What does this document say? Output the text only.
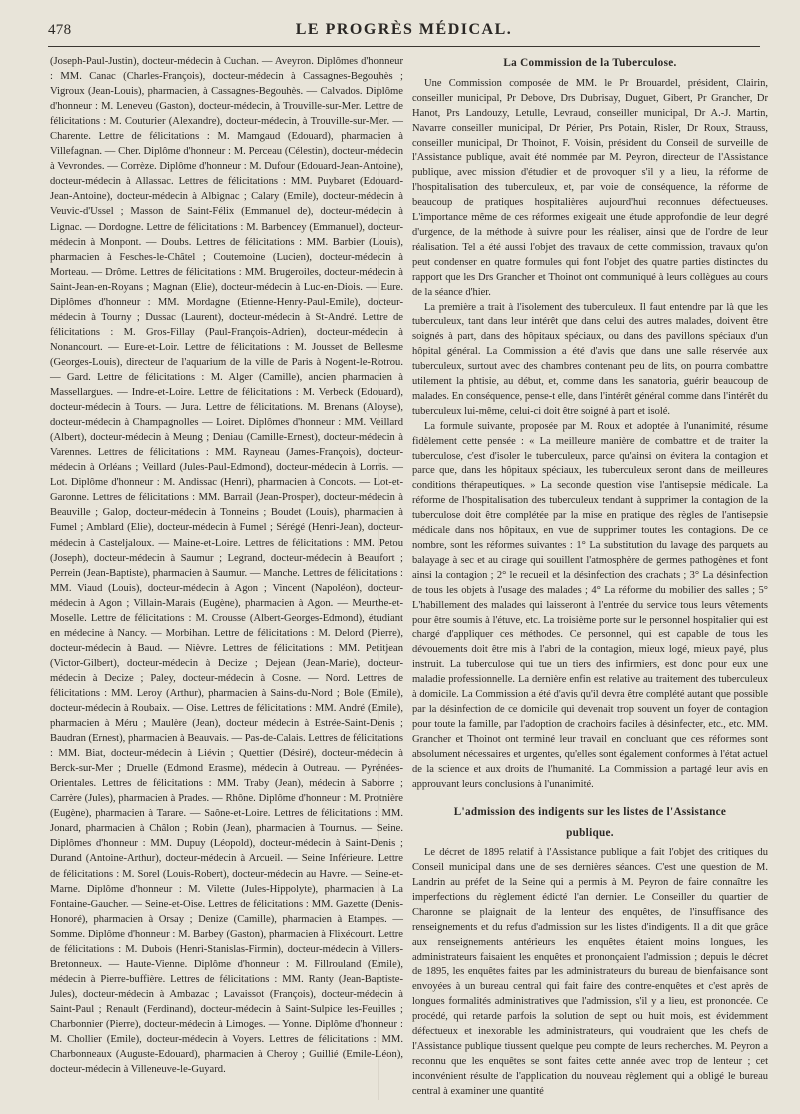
478	LE PROGRÈS MÉDICAL.

(Joseph-Paul-Justin), docteur-médecin à Cuchan. — Aveyron. Diplômes d'honneur : MM. Canac (Charles-François), docteur-médecin à Cassagnes-Begouhès ; Vigroux (Jean-Louis), pharmacien, à Cassagnes-Begouhès. — Calvados. Diplôme d'honneur : M. Leneveu (Gaston), docteur-médecin, à Trouville-sur-Mer. Lettre de félicitations : M. Couturier (Alexandre), docteur-médecin, à Trouville-sur-Mer. — Charente. Lettre de félicitations : M. Mamgaud (Edouard), pharmacien à Villefagnan. — Cher. Diplôme d'honneur : M. Perceau (Célestin), docteur-médecin à Vevrondes. — Corrèze. Diplôme d'honneur : M. Dufour (Edouard-Jean-Antoine), docteur-médecin à Allassac. Lettres de félicitations : MM. Puybaret (Edouard-Jean-Antoine), docteur-médecin à Albignac ; Calary (Emile), docteur-médecin à Veuvic-d'Ussel ; Masson de Saint-Félix (Emmanuel de), docteur-médecin à Lignac. — Dordogne. Lettre de félicitations : M. Barbencey (Emmanuel), docteur-médecin à Monpont. — Doubs. Lettres de félicitations : MM. Barbier (Louis), pharmacien à Fesches-le-Châtel ; Coutemoine (Lucien), docteur-médecin à Morteau. — Drôme. Lettres de félicitations : MM. Brugeroiles, docteur-médecin à Saint-Jean-en-Royans ; Magnan (Elie), docteur-médecin à Luc-en-Diois. — Eure. Diplômes d'honneur : MM. Mordagne (Etienne-Henry-Paul-Emile), docteur-médecin à Tourny ; Dussac (Laurent), docteur-médecin à St-André. Lettre de félicitations : M. Gros-Fillay (Paul-François-Adrien), docteur-médecin à Nonancourt. — Eure-et-Loir. Lettre de félicitations : M. Jousset de Bellesme (Georges-Louis), directeur de l'aquarium de la ville de Paris à Nogent-le-Rotrou. — Gard. Lettre de félicitations : M. Alger (Camille), ancien pharmacien à Massellargues. — Indre-et-Loire. Lettre de félicitations : M. Verbeck (Edouard), docteur-médecin à Tours. — Jura. Lettre de félicitations. M. Brenans (Aloyse), docteur-médecin à Champagnolles — Loiret. Diplômes d'honneur : MM. Veillard (Albert), docteur-médecin à Meung ; Deniau (Camille-Ernest), docteur-médecin à Varennes. Lettres de félicitations : MM. Rayneau (James-François), docteur-médecin à Orléans ; Veillard (Jules-Paul-Edmond), docteur-médecin à Lorris. — Lot. Diplôme d'honneur : M. Andissac (Henri), pharmacien à Concots. — Lot-et-Garonne. Lettres de félicitations : MM. Barrail (Jean-Prosper), docteur-médecin à Beauville ; Galop, docteur-médecin à Tonneins ; Boudet (Louis), pharmacien à Fumel ; Amblard (Elie), docteur-médecin à Fumel ; Sérégé (Henri-Jean), docteur-médecin à Casteljaloux. — Maine-et-Loire. Lettres de félicitations : MM. Petou (Joseph), docteur-médecin à Saumur ; Legrand, docteur-médecin à Beaufort ; Perrein (Jean-Baptiste), pharmacien à Saumur. — Manche. Lettres de félicitations : MM. Viaud (Louis), docteur-médecin à Agon ; Vincent (Napoléon), docteur-médecin à Agon ; Villain-Marais (Eugène), pharmacien à Agon. — Meurthe-et-Moselle. Lettre de félicitations : M. Crousse (Albert-Georges-Edmond), étudiant en médecine à Nancy. — Morbihan. Lettre de félicitations : M. Delord (Pierre), docteur-médecin à Baud. — Nièvre. Lettres de félicitations : MM. Petitjean (Victor-Gilbert), docteur-médecin à Decize ; Dejean (Jean-Marie), docteur-médecin à Decize ; Paley, docteur-médecin à Cosne. — Nord. Lettres de félicitations : MM. Leroy (Arthur), pharmacien à Sains-du-Nord ; Bole (Emile), docteur-médecin à Roubaix. — Oise. Lettres de félicitations : MM. André (Emile), pharmacien à Méru ; Maulère (Jean), docteur médecin à Estrée-Saint-Denis ; Baudran (Ernest), pharmacien à Beauvais. — Pas-de-Calais. Lettres de félicitations : MM. Biat, docteur-médecin à Liévin ; Quettier (Désiré), docteur-médecin à Berck-sur-Mer ; Druelle (Edmond Erasme), médecin à Outreau. — Pyrénées-Orientales. Lettres de félicitations : MM. Traby (Jean), médecin à Saborre ; Carrère (Jules), pharmacien à Prades. — Rhône. Diplôme d'honneur : M. Protnière (Eugène), pharmacien à Tarare. — Saône-et-Loire. Lettres de félicitations : MM. Jonard, pharmacien à Châlon ; Robin (Jean), pharmacien à Tournus. — Seine. Diplômes d'honneur : MM. Dupuy (Léopold), docteur-médecin à Saint-Denis ; Durand (Antoine-Arthur), docteur-médecin à Arcueil. — Seine Inférieure. Lettre de félicitations : M. Sorel (Louis-Robert), docteur-médecin au Havre. — Seine-et-Marne. Diplôme d'honneur : M. Vilette (Jules-Hippolyte), pharmacien à La Fontaine-Gaucher. — Seine-et-Oise. Lettres de félicitations : MM. Gazette (Denis-Honoré), pharmacien à Orsay ; Denize (Camille), pharmacien à Etampes. — Somme. Diplôme d'honneur : M. Barbey (Gaston), pharmacien à Flixécourt. Lettre de félicitations : M. Dubois (Henri-Stanislas-Firmin), docteur-médecin à Villers-Bretonneux. — Haute-Vienne. Diplôme d'honneur : M. Fillrouland (Emile), médecin à Pierre-buffière. Lettres de félicitations : MM. Ranty (Jean-Baptiste-Jules), docteur-médecin à Ambazac ; Lavaissot (François), docteur-médecin à Saint-Paul ; Renault (Ferdinand), docteur-médecin à Saint-Sulpice les-Feuilles ; Charbonnier (Pierre), docteur-médecin à Limoges. — Yonne. Diplôme d'honneur : M. Chollier (Emile), docteur-médecin à Voyers. Lettres de félicitations : MM. Charbonneaux (Auguste-Edouard), pharmacien à Cheroy ; Guillié (Emile-Léon), docteur-médecin à Villeneuve-le-Guyard.

La Commission de la Tuberculose.

Une Commission composée de MM. le Pr Brouardel, président, Clairin, conseiller municipal, Pr Debove, Drs Dubrisay, Duguet, Gibert, Pr Grancher, Dr Hanot, Prs Landouzy, Letulle, Levraud, conseiller municipal, Dr A.-J. Martin, Navarre conseiller municipal, Dr Périer, Prs Potain, Risler, Dr Roux, Strauss, conseiller municipal, Dr Thoinot, F. Voisin, président du Conseil de surveille de l'Assistance publique, avait été nommée par M. Peyron, directeur de l'Assistance publique, avec mission d'étudier et de provoquer s'il y a lieu, la réforme de l'hospitalisation des tuberculeux, et, par voie de conséquence, la réforme de beaucoup de pratiques hospitalières aujourd'hui reconnues défectueuses. L'importance même de ces réformes exigeait une étude approfondie de leur degré d'urgence, de la méthode à suivre pour les réaliser, ainsi que de l'ordre de leur réalisation. Tel a été aussi l'objet des travaux de cette commission, travaux qu'on peut condenser en quatre formules qui font l'objet des quatre parties distinctes du rapport que les Drs Grancher et Thoinot ont communiqué à leurs collègues au cours de la séance d'hier.

La première a trait à l'isolement des tuberculeux. Il faut entendre par là que les tuberculeux, tant dans leur intérêt que dans celui des autres malades, doivent être soignés à part, dans des hôpitaux spéciaux, ou dans des pavillons spéciaux d'un hôpital général. La Commission a été d'avis que dans une salle réservée aux tuberculeux, surtout avec des chambres contenant peu de lits, on pourra combattre utilement la phtisie, au début, et, comme dans les sanatoria, guérir beaucoup de malades. En conséquence, pense-t elle, dans l'intérêt général comme dans l'intérêt du tuberculeux lui-même, celui-ci doit être soigné à part et isolé.

La formule suivante, proposée par M. Roux et adoptée à l'unanimité, résume fidèlement cette pensée : « La meilleure manière de combattre et de traiter la tuberculose, c'est d'isoler le tuberculeux, parce qu'ainsi on évitera la contagion et parce que, dans les hôpitaux spéciaux, les tuberculeux seront dans de meilleures conditions thérapeutiques. » La seconde question vise l'antisepsie médicale. La réforme de l'hospitalisation des tuberculeux tendant à supprimer la contagion de la tuberculose doit être complétée par la mise en pratique des règles de l'antisepsie médicale dans nos hôpitaux, en vue de supprimer toutes les contagions. De ce nombre, sont les réformes suivantes : 1° La substitution du lavage des parquets au balayage à sec et au cirage qui souillent l'atmosphère de germes pathogènes et font ainsi la contagion ; 2° le recueil et la désinfection des crachats ; 3° La désinfection de tous les objets à l'usage des malades ; 4° La réforme du mobilier des salles ; 5° L'habillement des malades qui laisseront à l'entrée du service tous leurs vêtements pour être soumis à l'étuve, etc. La troisième porte sur le personnel hospitalier qui est chargé d'appliquer ces méthodes. Ce personnel, qui est capable de tous les dévouements doit être mis à l'abri de la contagion, mieux logé, mieux payé, plus instruit. La tuberculose qui tue un tiers des infirmiers, est donc pour eux une maladie professionnelle. La dernière enfin est relative au traitement des tuberculeux à domicile. La Commission a été d'avis qu'il devra être complété autant que possible par la désinfection de ce domicile qui devenait trop souvent un foyer de contagion pour toute la famille, par l'adoption de crachoirs faciles à désinfecter, etc., etc. MM. Grancher et Thoinot ont terminé leur travail en concluant que ces réformes sont absolument nécessaires et urgentes, qu'elles sont également conformes à l'état actuel de la science et aux droits de l'humanité. La Commission a partagé leur avis en approuvant leurs conclusions à l'unanimité.

L'admission des indigents sur les listes de l'Assistance
publique.

Le décret de 1895 relatif à l'Assistance publique a fait l'objet des critiques du Conseil municipal dans une de ses dernières séances. C'est une question de M. Landrin au préfet de la Seine qui a permis à M. Peyron de faire connaître les imperfections du règlement édicté l'an dernier. Le Conseiller du quartier de Charonne se plaignait de la lenteur des enquêtes, de l'insuffisance des renseignements et du refus d'admission sur les listes d'indigents. Il a dit que grâce aux renseignements antérieurs les enquêtes étaient moins longues, les administrateurs faisaient les enquêtes et prononçaient l'admission ; depuis le décret de 1895, les enquêtes faites par les administrateurs du bureau de bienfaisance sont envoyées à un bureau central qui fait faire des contre-enquêtes et c'est après de longues formalités administratives que l'admission, s'il y a lieu, est prononcée. Ce procédé, qui retarde parfois la solution de sept ou huit mois, est évidemment défectueux et inexorable les administrateurs, qui voudraient que les chefs de l'Assistance publique tiussent quelque peu compte de leurs recherches. M. Peyron a reconnu que les enquêtes se sont faites cette année avec trop de lenteur ; cet inconvénient résulte de l'application du nouveau règlement qui a obligé le bureau central à examiner une quantité
